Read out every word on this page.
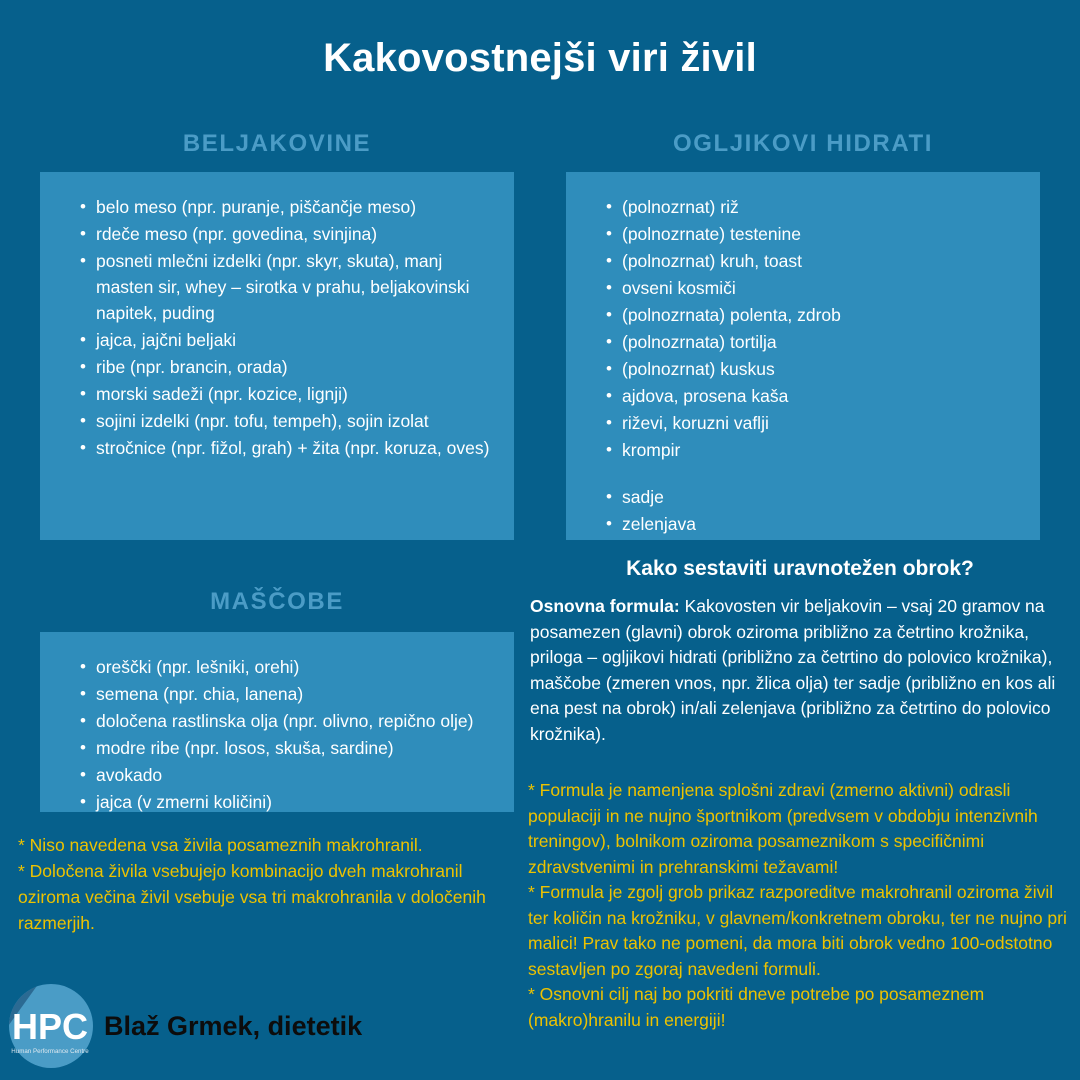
Kakovostnejši viri živil
BELJAKOVINE
• belo meso (npr. puranje, piščančje meso)
• rdeče meso (npr. govedina, svinjina)
• posneti mlečni izdelki (npr. skyr, skuta), manj masten sir, whey – sirotka v prahu, beljakovinski napitek, puding
• jajca, jajčni beljaki
• ribe (npr. brancin, orada)
• morski sadeži (npr. kozice, lignji)
• sojini izdelki (npr. tofu, tempeh), sojin izolat
• stročnice (npr. fižol, grah) + žita (npr. koruza, oves)
OGLJIKOVI HIDRATI
• (polnozrnat) riž
• (polnozrnate) testenine
• (polnozrnat) kruh, toast
• ovseni kosmiči
• (polnozrnata) polenta, zdrob
• (polnozrnata) tortilja
• (polnozrnat) kuskus
• ajdova, prosena kaša
• riževi, koruzni vaflji
• krompir
• sadje
• zelenjava
MAŠČOBE
• oreščki (npr. lešniki, orehi)
• semena (npr. chia, lanena)
• določena rastlinska olja (npr. olivno, repično olje)
• modre ribe (npr. losos, skuša, sardine)
• avokado
• jajca (v zmerni količini)

* Niso navedena vsa živila posameznih makrohranil.

* Določena živila vsebujejo kombinacijo dveh makrohranil oziroma večina živil vsebuje vsa tri makrohranila v določenih razmerjih.

Kako sestaviti uravnotežen obrok?
Osnovna formula: Kakovosten vir beljakovin – vsaj 20 gramov na posamezen (glavni) obrok oziroma približno za četrtino krožnika, priloga – ogljikovi hidrati (približno za četrtino do polovico krožnika), maščobe (zmeren vnos, npr. žlica olja) ter sadje (približno en kos ali ena pest na obrok) in/ali zelenjava (približno za četrtino do polovico krožnika).

* Formula je namenjena splošni zdravi (zmerno aktivni) odrasli populaciji in ne nujno športnikom (predvsem v obdobju intenzivnih treningov), bolnikom oziroma posameznikom s specifičnimi zdravstvenimi in prehranskimi težavami!

* Formula je zgolj grob prikaz razporeditve makrohranil oziroma živil ter količin na krožniku, v glavnem/konkretnem obroku, ter ne nujno pri malici! Prav tako ne pomeni, da mora biti obrok vedno 100-odstotno sestavljen po zgoraj navedeni formuli.

* Osnovni cilj naj bo pokriti dneve potrebe po posameznem (makro)hranilu in energiji!

HPC
Human Performance Centre
Blaž Grmek, dietetik
